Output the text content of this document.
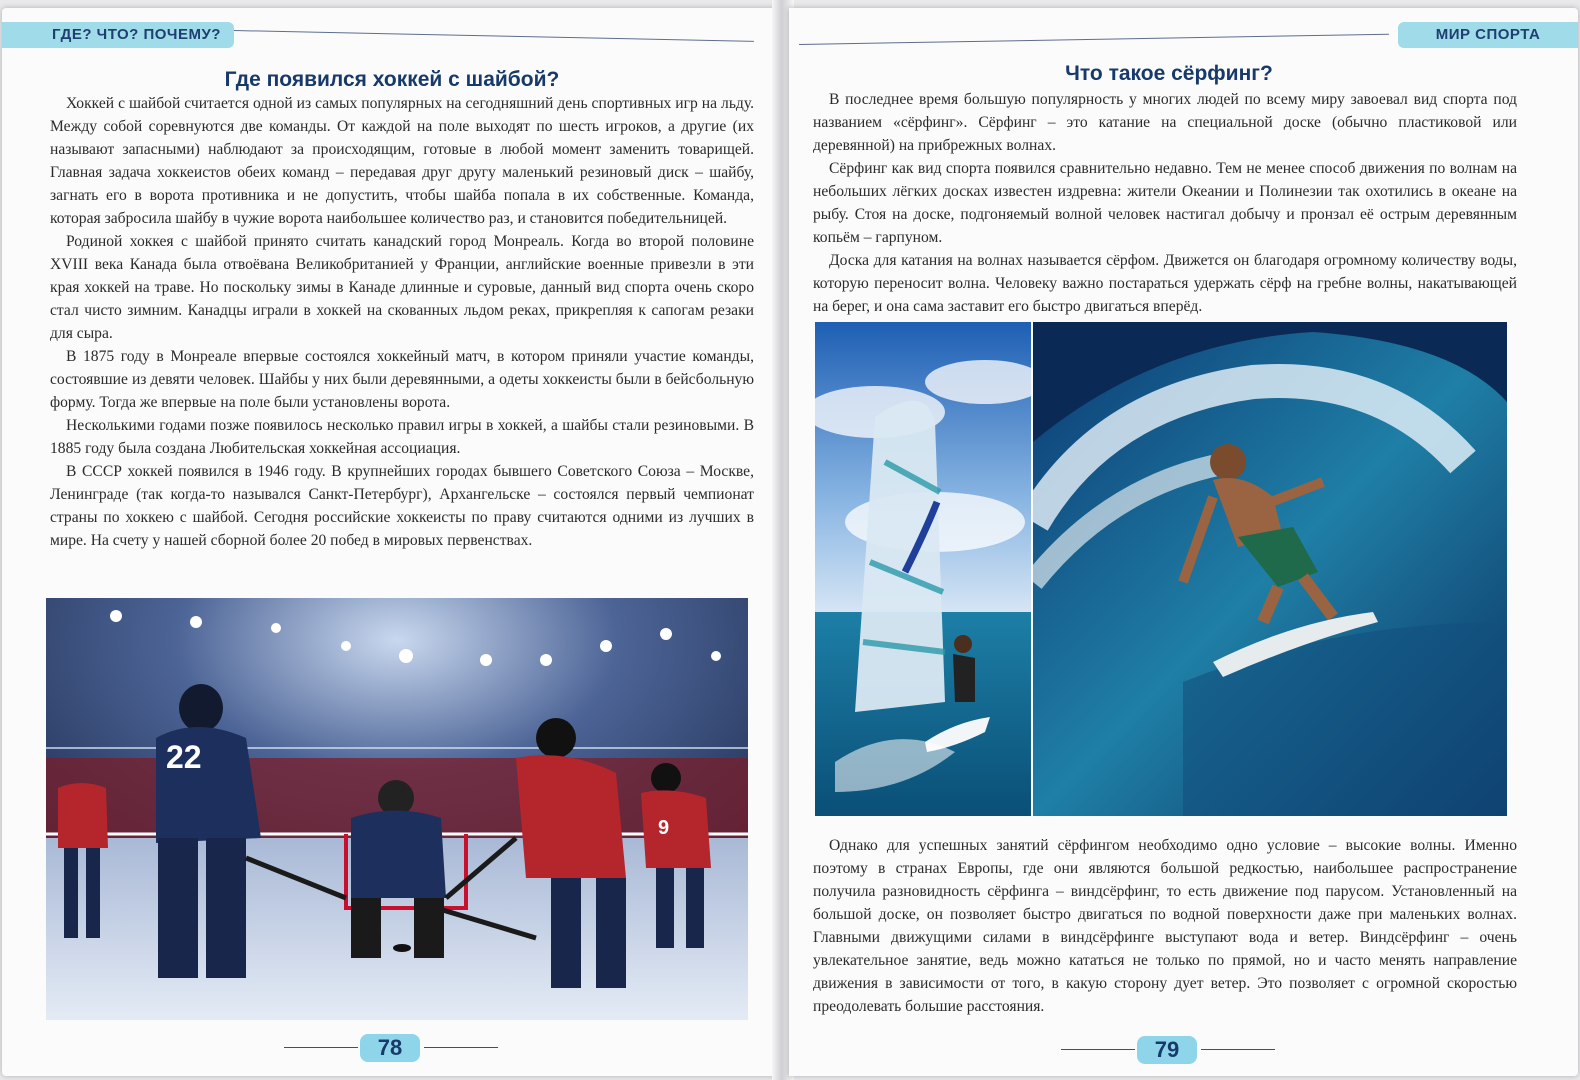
ГДЕ? ЧТО? ПОЧЕМУ?
Где появился хоккей с шайбой?

Хоккей с шайбой считается одной из самых популярных на сегодняшний день спортивных игр на льду. Между собой соревнуются две команды. От каждой на поле выходят по шесть игроков, а другие (их называют запасными) наблюдают за происходящим, готовые в любой момент заменить товарищей. Главная задача хоккеистов обеих команд – передавая друг другу маленький резиновый диск – шайбу, загнать его в ворота противника и не допустить, чтобы шайба попала в их собственные. Команда, которая забросила шайбу в чужие ворота наибольшее количество раз, и становится победительницей.

Родиной хоккея с шайбой принято считать канадский город Монреаль. Когда во второй половине XVIII века Канада была отвоёвана Великобританией у Франции, английские военные привезли в эти края хоккей на траве. Но поскольку зимы в Канаде длинные и суровые, данный вид спорта очень скоро стал чисто зимним. Канадцы играли в хоккей на скованных льдом реках, прикрепляя к сапогам резаки для сыра.

В 1875 году в Монреале впервые состоялся хоккейный матч, в котором приняли участие команды, состоявшие из девяти человек. Шайбы у них были деревянными, а одеты хоккеисты были в бейсбольную форму. Тогда же впервые на поле были установлены ворота.

Несколькими годами позже появилось несколько правил игры в хоккей, а шайбы стали резиновыми. В 1885 году была создана Любительская хоккейная ассоциация.

В СССР хоккей появился в 1946 году. В крупнейших городах бывшего Советского Союза – Москве, Ленинграде (так когда-то назывался Санкт-Петербург), Архангельске – состоялся первый чемпионат страны по хоккею с шайбой. Сегодня российские хоккеисты по праву считаются одними из лучших в мире. На счету у нашей сборной более 20 побед в мировых первенствах.

22
9
78
МИР СПОРТА
Что такое сёрфинг?

В последнее время большую популярность у многих людей по всему миру завоевал вид спорта под названием «сёрфинг». Сёрфинг – это катание на специальной доске (обычно пластиковой или деревянной) на прибрежных волнах.

Сёрфинг как вид спорта появился сравнительно недавно. Тем не менее способ движения по волнам на небольших лёгких досках известен издревна: жители Океании и Полинезии так охотились в океане на рыбу. Стоя на доске, подгоняемый волной человек настигал добычу и пронзал её острым деревянным копьём – гарпуном.

Доска для катания на волнах называется сёрфом. Движется он благодаря огромному количеству воды, которую переносит волна. Человеку важно постараться удержать сёрф на гребне волны, накатывающей на берег, и она сама заставит его быстро двигаться вперёд.

Однако для успешных занятий сёрфингом необходимо одно условие – высокие волны. Именно поэтому в странах Европы, где они являются большой редкостью, наибольшее распространение получила разновидность сёрфинга – виндсёрфинг, то есть движение под парусом. Установленный на большой доске, он позволяет быстро двигаться по водной поверхности даже при маленьких волнах. Главными движущими силами в виндсёрфинге выступают вода и ветер. Виндсёрфинг – очень увлекательное занятие, ведь можно кататься не только по прямой, но и часто менять направление движения в зависимости от того, в какую сторону дует ветер. Это позволяет с огромной скоростью преодолевать большие расстояния.

79
